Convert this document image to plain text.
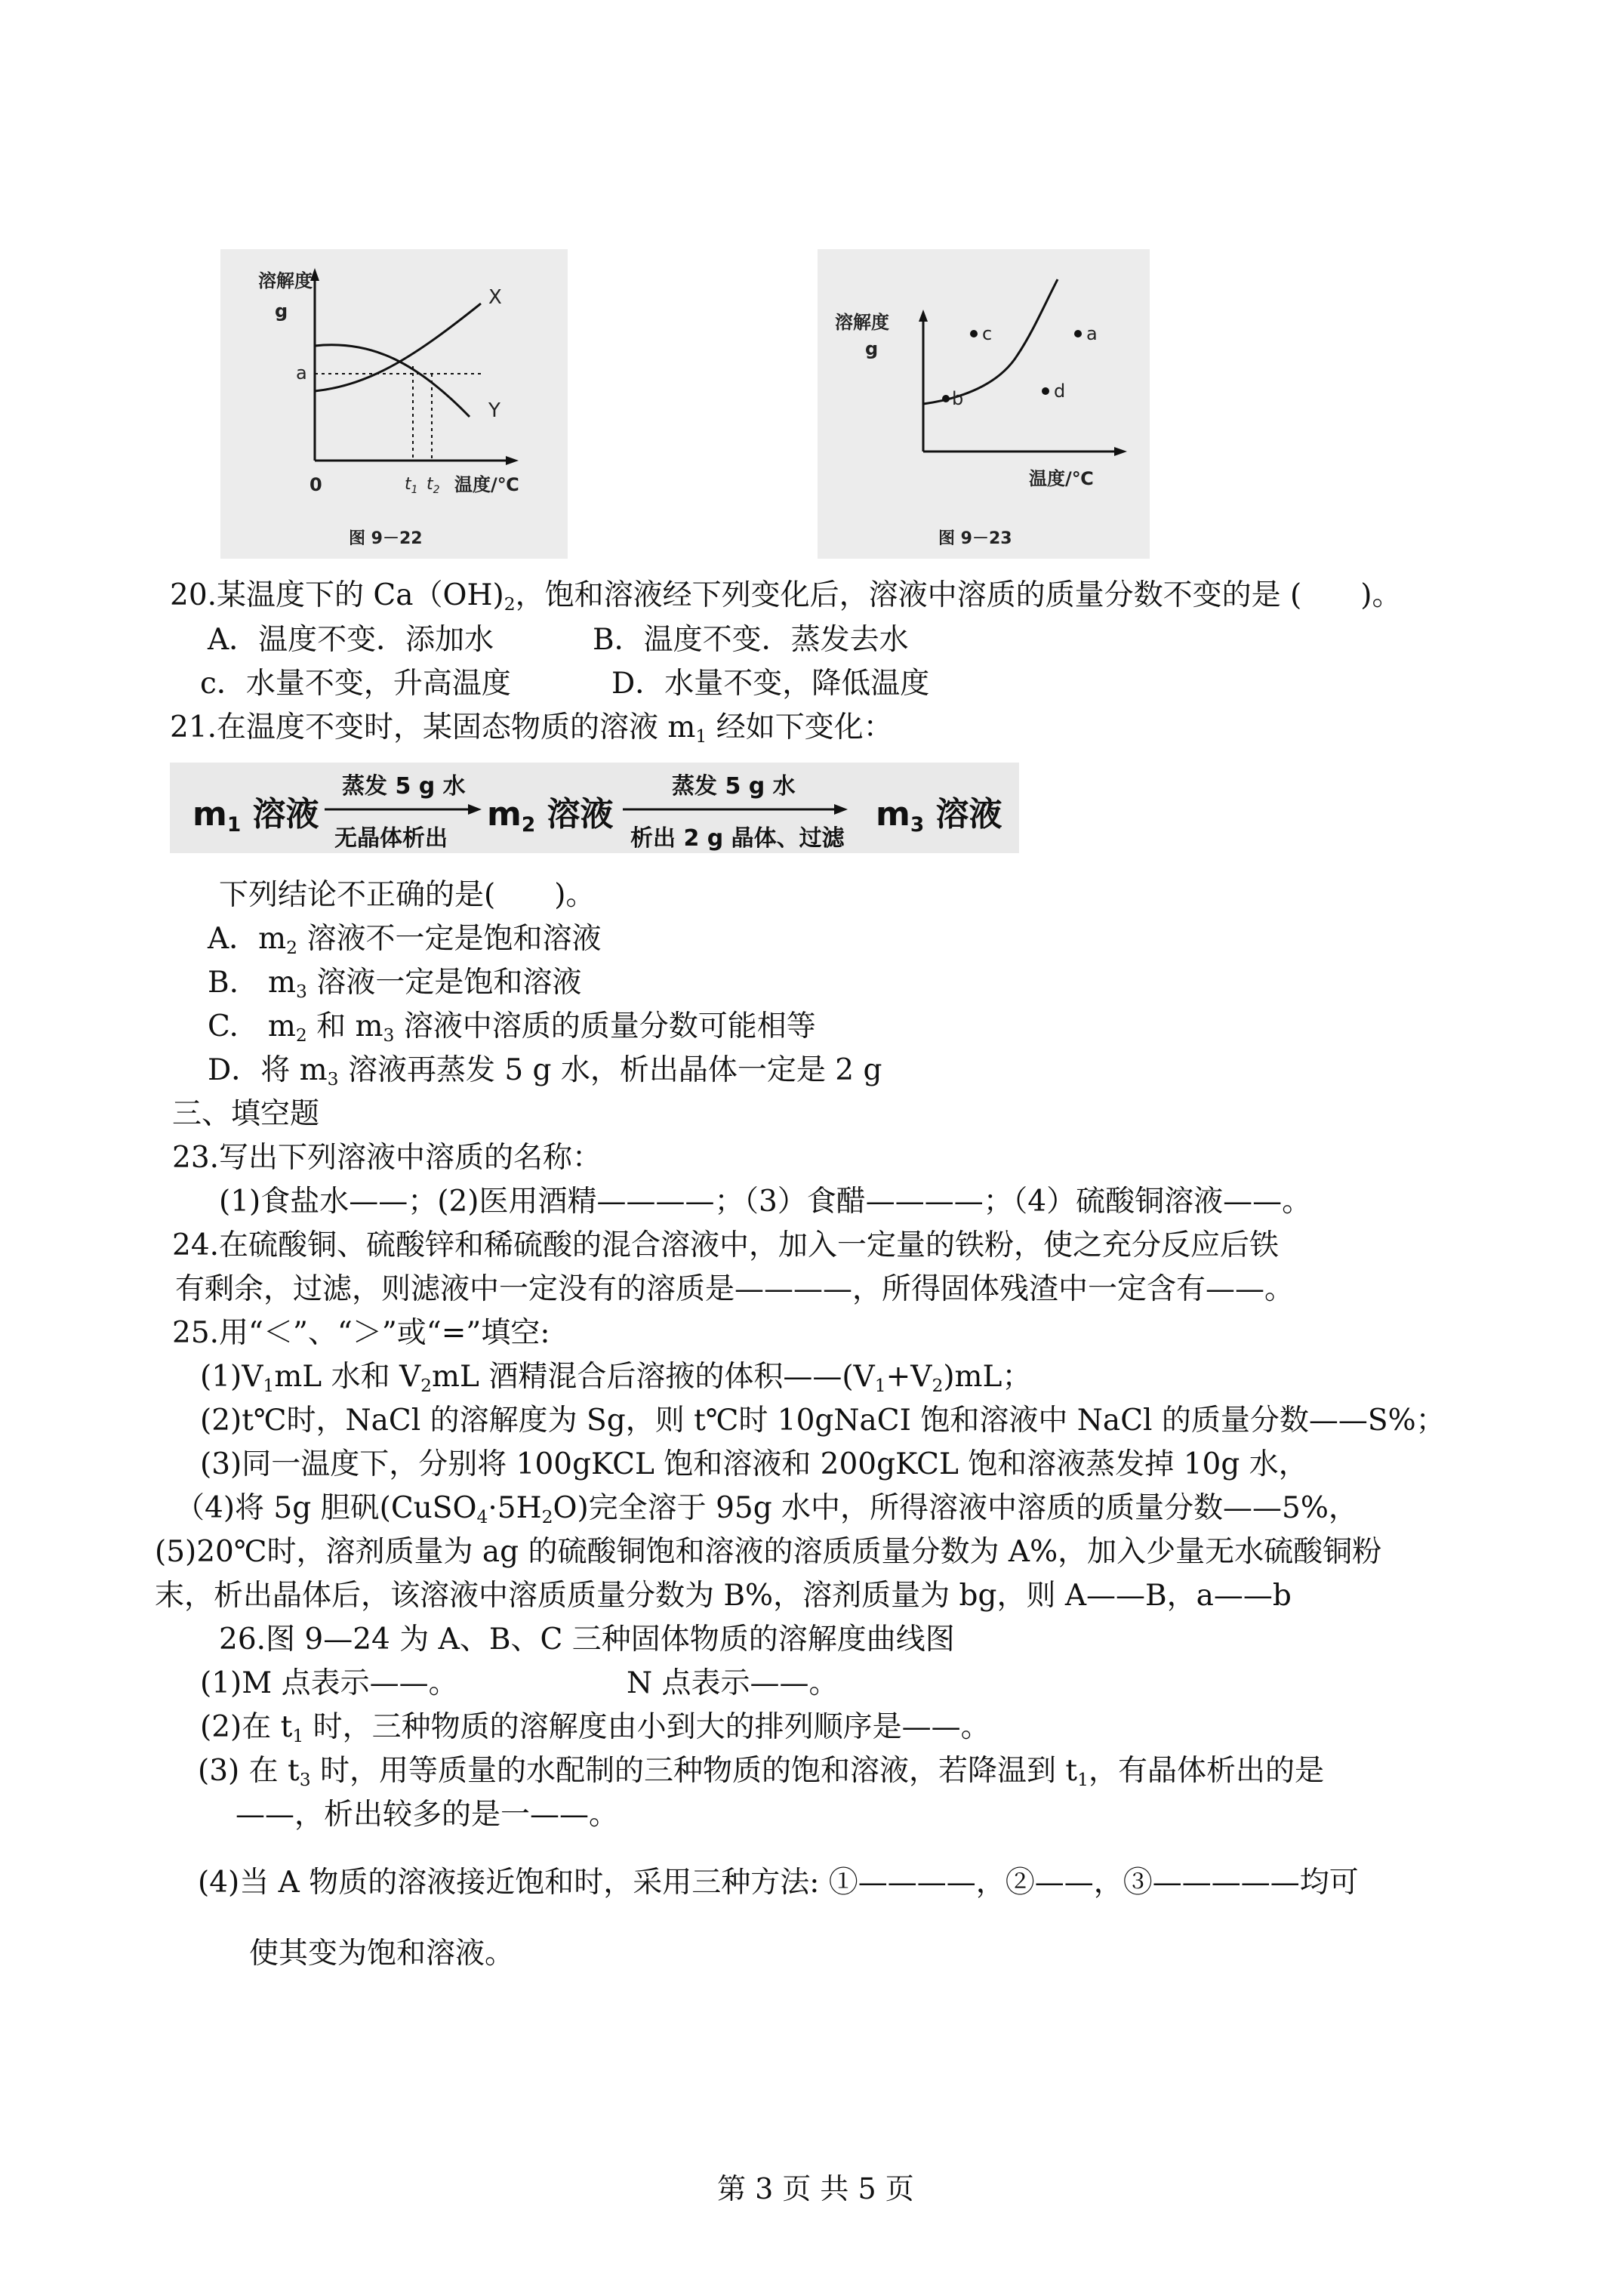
溶解度
g
a
0	$t_1$ $t_2$ 温度/℃
X
Y
图 9－22
b
c	a
d
溶解度
g
温度/℃
图 9－23
20.某温度下的 $Ca(OH)_2$，饱和溶液经下列变化后，溶液中溶质的质量分数不变的是 (　　)。
A．温度不变．添加水	B．温度不变．蒸发去水
c．水量不变，升高温度	D．水量不变，降低温度
21.在温度不变时，某固态物质的溶液 $m_1$ 经如下变化：
$m_1$ 溶液
蒸发 5 g 水
无晶体析出
$m_2$ 溶液
蒸发 5 g 水
析出 2 g 晶体、过滤
$m_3$ 溶液
下列结论不正确的是(　　)。
A．$m_2$ 溶液不一定是饱和溶液
B.　$m_3$ 溶液一定是饱和溶液
C.　$m_2$ 和 $m_3$ 溶液中溶质的质量分数可能相等
D．将 $m_3$ 溶液再蒸发 5 g 水，析出晶体一定是 2 g
三、填空题
23.写出下列溶液中溶质的名称：
(1)食盐水——；(2)医用酒精————；（3）食醋————；（4）硫酸铜溶液——。
24.在硫酸铜、硫酸锌和稀硫酸的混合溶液中，加入一定量的铁粉，使之充分反应后铁
有剩余，过滤，则滤液中一定没有的溶质是————，所得固体残渣中一定含有——。
25.用“＜”、“＞”或“=”填空:
$(1)V_1mL$ 水和 $V_2mL$ 酒精混合后溶掖的体积$——(V_1+V_2)mL$；
(2)t℃时，NaCl 的溶解度为 Sg，则 t℃时 10gNaCI 饱和溶液中 NaCl 的质量分数——S%；
(3)同一温度下，分别将 100gKCL 饱和溶液和 200gKCL 饱和溶液蒸发掉 10g 水，
（4)将 5g 胆矾$(CuSO_4\cdot 5H_2O)$完全溶于 95g 水中，所得溶液中溶质的质量分数——5%，
(5)20℃时，溶剂质量为 ag 的硫酸铜饱和溶液的溶质质量分数为 A%，加入少量无水硫酸铜粉
末，析出晶体后，该溶液中溶质质量分数为 B%，溶剂质量为 bg，则 A——B，a——b
26.图 9—24 为 A、B、C 三种固体物质的溶解度曲线图
(1)M 点表示——。	N 点表示——。
(2)在 $t_1$ 时，三种物质的溶解度由小到大的排列顺序是——。
(3) 在 $t_3$ 时，用等质量的水配制的三种物质的饱和溶液，若降温到 $t_1$，有晶体析出的是
——，析出较多的是一——。
(4)当 A 物质的溶液接近饱和时，采用三种方法: ①————，②——，③—————均可
使其变为饱和溶液。
第 3 页 共 5 页
